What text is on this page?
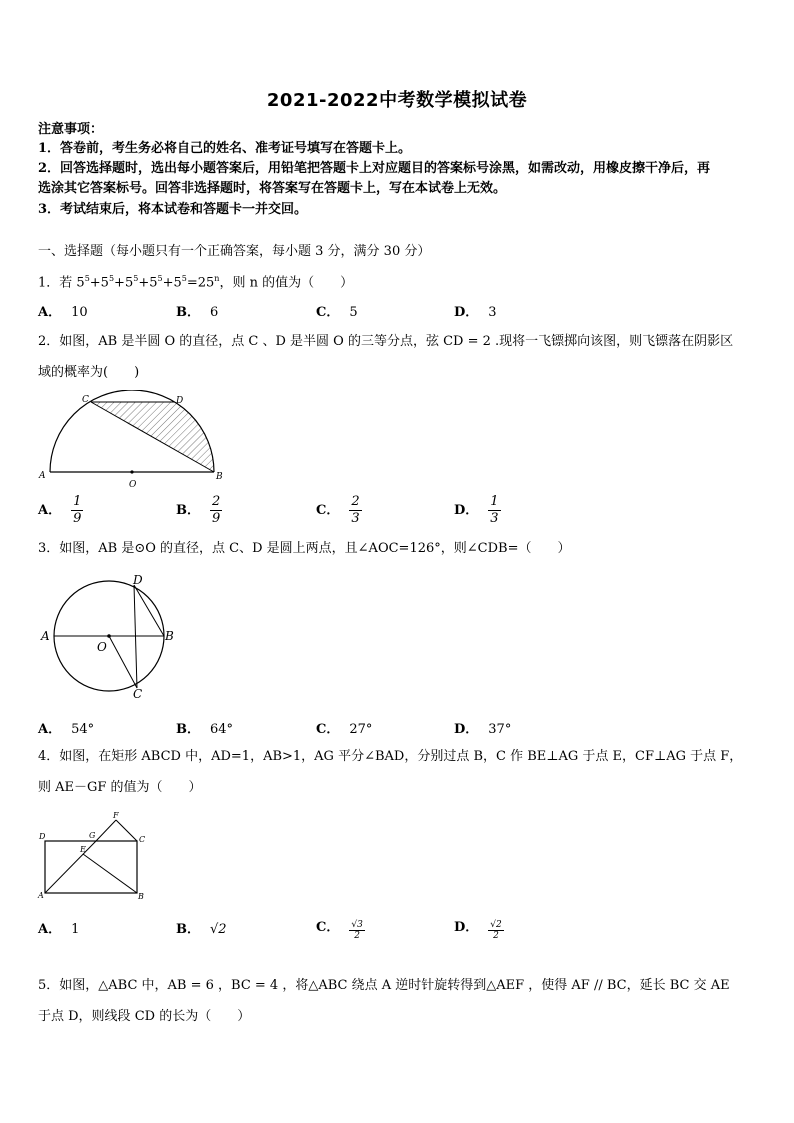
2021-2022中考数学模拟试卷
注意事项：
1．答卷前，考生务必将自己的姓名、准考证号填写在答题卡上。
2．回答选择题时，选出每小题答案后，用铅笔把答题卡上对应题目的答案标号涂黑，如需改动，用橡皮擦干净后，再
选涂其它答案标号。回答非选择题时，将答案写在答题卡上，写在本试卷上无效。
3．考试结束后，将本试卷和答题卡一并交回。
一、选择题（每小题只有一个正确答案，每小题 3 分，满分 30 分）
1．若 $5^5+5^5+5^5+5^5+5^5=25^n$，则 n 的值为（　　）
A． 10	B． 6	C． 5	D． 3
2．如图，AB 是半圆 O 的直径，点 C 、D 是半圆 O 的三等分点，弦 CD = 2 .现将一飞镖掷向该图，则飞镖落在阴影区
域的概率为(　　)
C	D
A	B
O
A． $\frac{1}{9}$	B． $\frac{2}{9}$	C． $\frac{2}{3}$	D． $\frac{1}{3}$
3．如图，AB 是⊙O 的直径，点 C、D 是圆上两点，且∠AOC=126°，则∠CDB=（　　）
A	B
D
C
O
A． 54°	B． 64°	C． 27°	D． 37°
4．如图，在矩形 ABCD 中，AD=1，AB>1，AG 平分∠BAD，分别过点 B，C 作 BE⊥AG 于点 E，CF⊥AG 于点 F，
则 AE－GF 的值为（　　）
D	G
F
C
E
A	B
A． 1	B． √2	C． $\frac{√3}{2}$	D． $\frac{√2}{2}$
5．如图，△ABC 中，AB = 6 ，BC = 4 ，将△ABC 绕点 A 逆时针旋转得到△AEF ，使得 AF // BC，延长 BC 交 AE
于点 D，则线段 CD 的长为（　　）
